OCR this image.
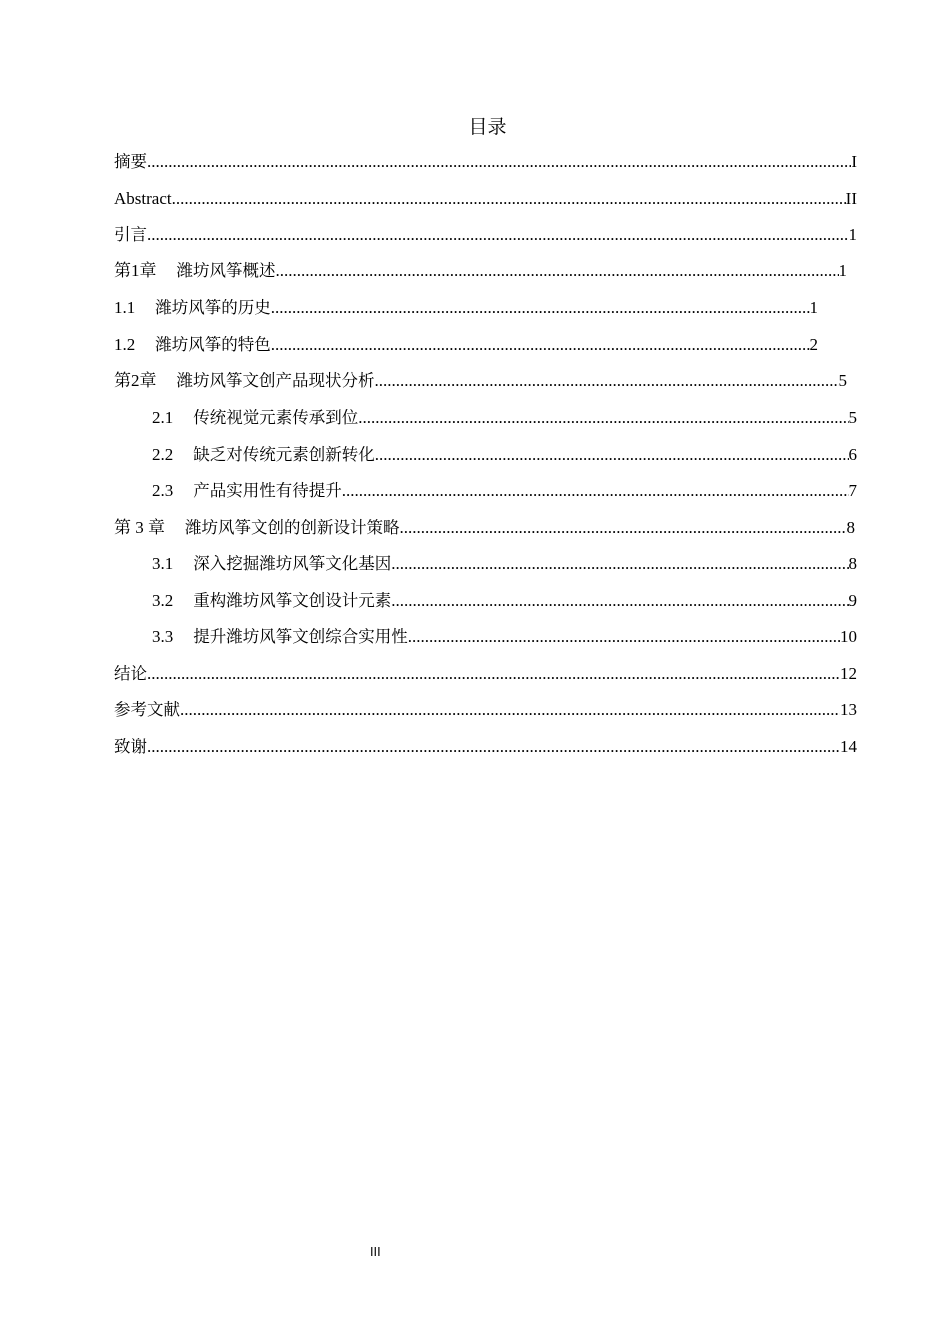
目录
摘要 .....	I
Abstract .....	II
引言 .....	1
第1章 潍坊风筝概述 .....	1
1.1 潍坊风筝的历史 .....	1
1.2 潍坊风筝的特色 .....	2
第2章 潍坊风筝文创产品现状分析 .....	5
2.1 传统视觉元素传承到位 .....	5
2.2 缺乏对传统元素创新转化 .....	6
2.3 产品实用性有待提升 .....	7
第 3 章 潍坊风筝文创的创新设计策略 .....	8
3.1 深入挖掘潍坊风筝文化基因 .....	8
3.2 重构潍坊风筝文创设计元素 .....	9
3.3 提升潍坊风筝文创综合实用性 .....	10
结论 .....	12
参考文献 .....	13
致谢 .....	14
III
